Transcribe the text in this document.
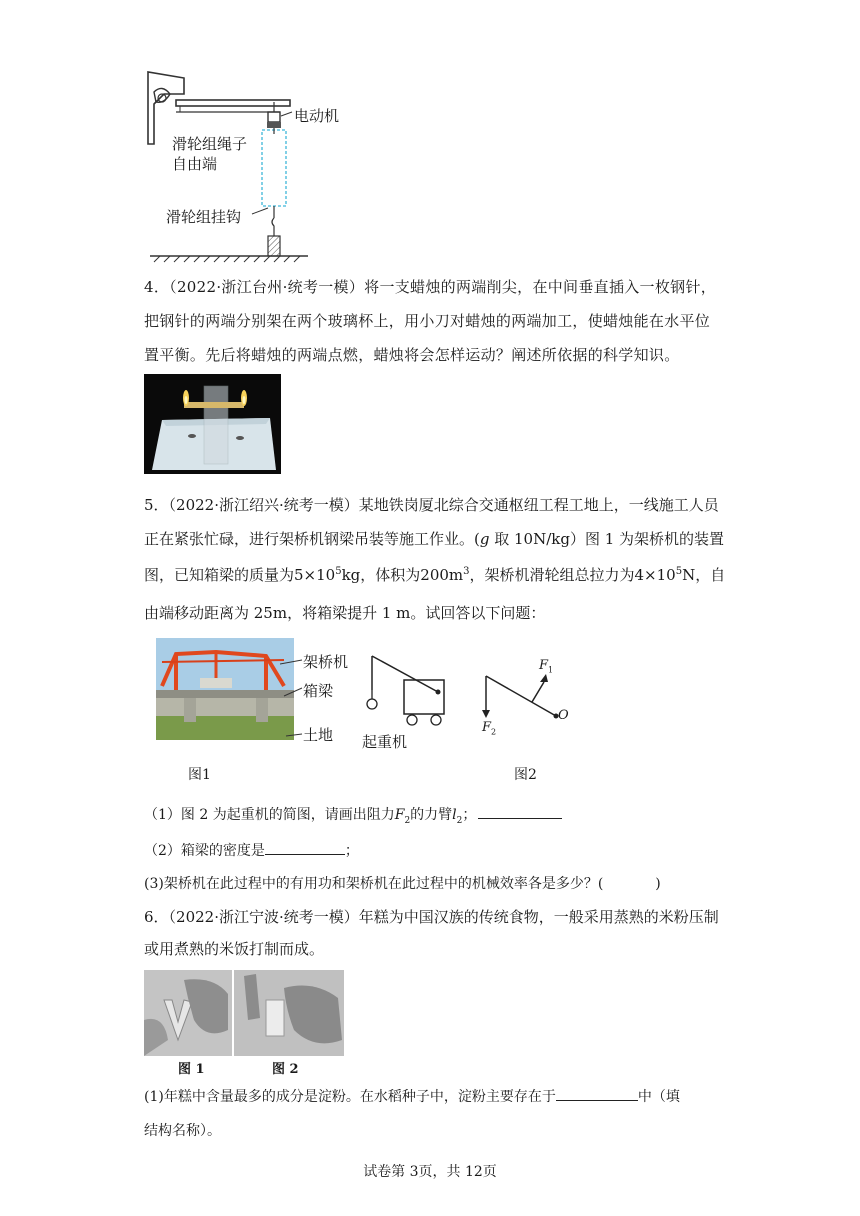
电动机
滑轮组绳子
自由端
滑轮组挂钩
4．（2022·浙江台州·统考一模）将一支蜡烛的两端削尖，在中间垂直插入一枚钢针，把钢针的两端分别架在两个玻璃杯上，用小刀对蜡烛的两端加工，使蜡烛能在水平位置平衡。先后将蜡烛的两端点燃，蜡烛将会怎样运动？阐述所依据的科学知识。
5．（2022·浙江绍兴·统考一模）某地铁岗厦北综合交通枢纽工程工地上，一线施工人员
正在紧张忙碌，进行架桥机钢梁吊装等施工作业。(g 取 10N/kg）图 1 为架桥机的装置
图，已知箱梁的质量为$5\times 10^5kg$，体积为$200m^3$，架桥机滑轮组总拉力为$4\times 10^5N$，自
由端移动距离为 25m，将箱梁提升 1 m。试回答以下问题：
架桥机
箱梁
土地 起重机
$F_1$
$F_2$
O
图1	图2
（1）图 2 为起重机的简图，请画出阻力$F_2$的力臂$l_2$；
（2）箱梁的密度是	；
(3)架桥机在此过程中的有用功和架桥机在此过程中的机械效率各是多少？(	)
6．（2022·浙江宁波·统考一模）年糕为中国汉族的传统食物，一般采用蒸熟的米粉压制
或用煮熟的米饭打制而成。
图 1	图 2
(1)年糕中含量最多的成分是淀粉。在水稻种子中，淀粉主要存在于	中（填
结构名称）。
试卷第 3页，共 12页
